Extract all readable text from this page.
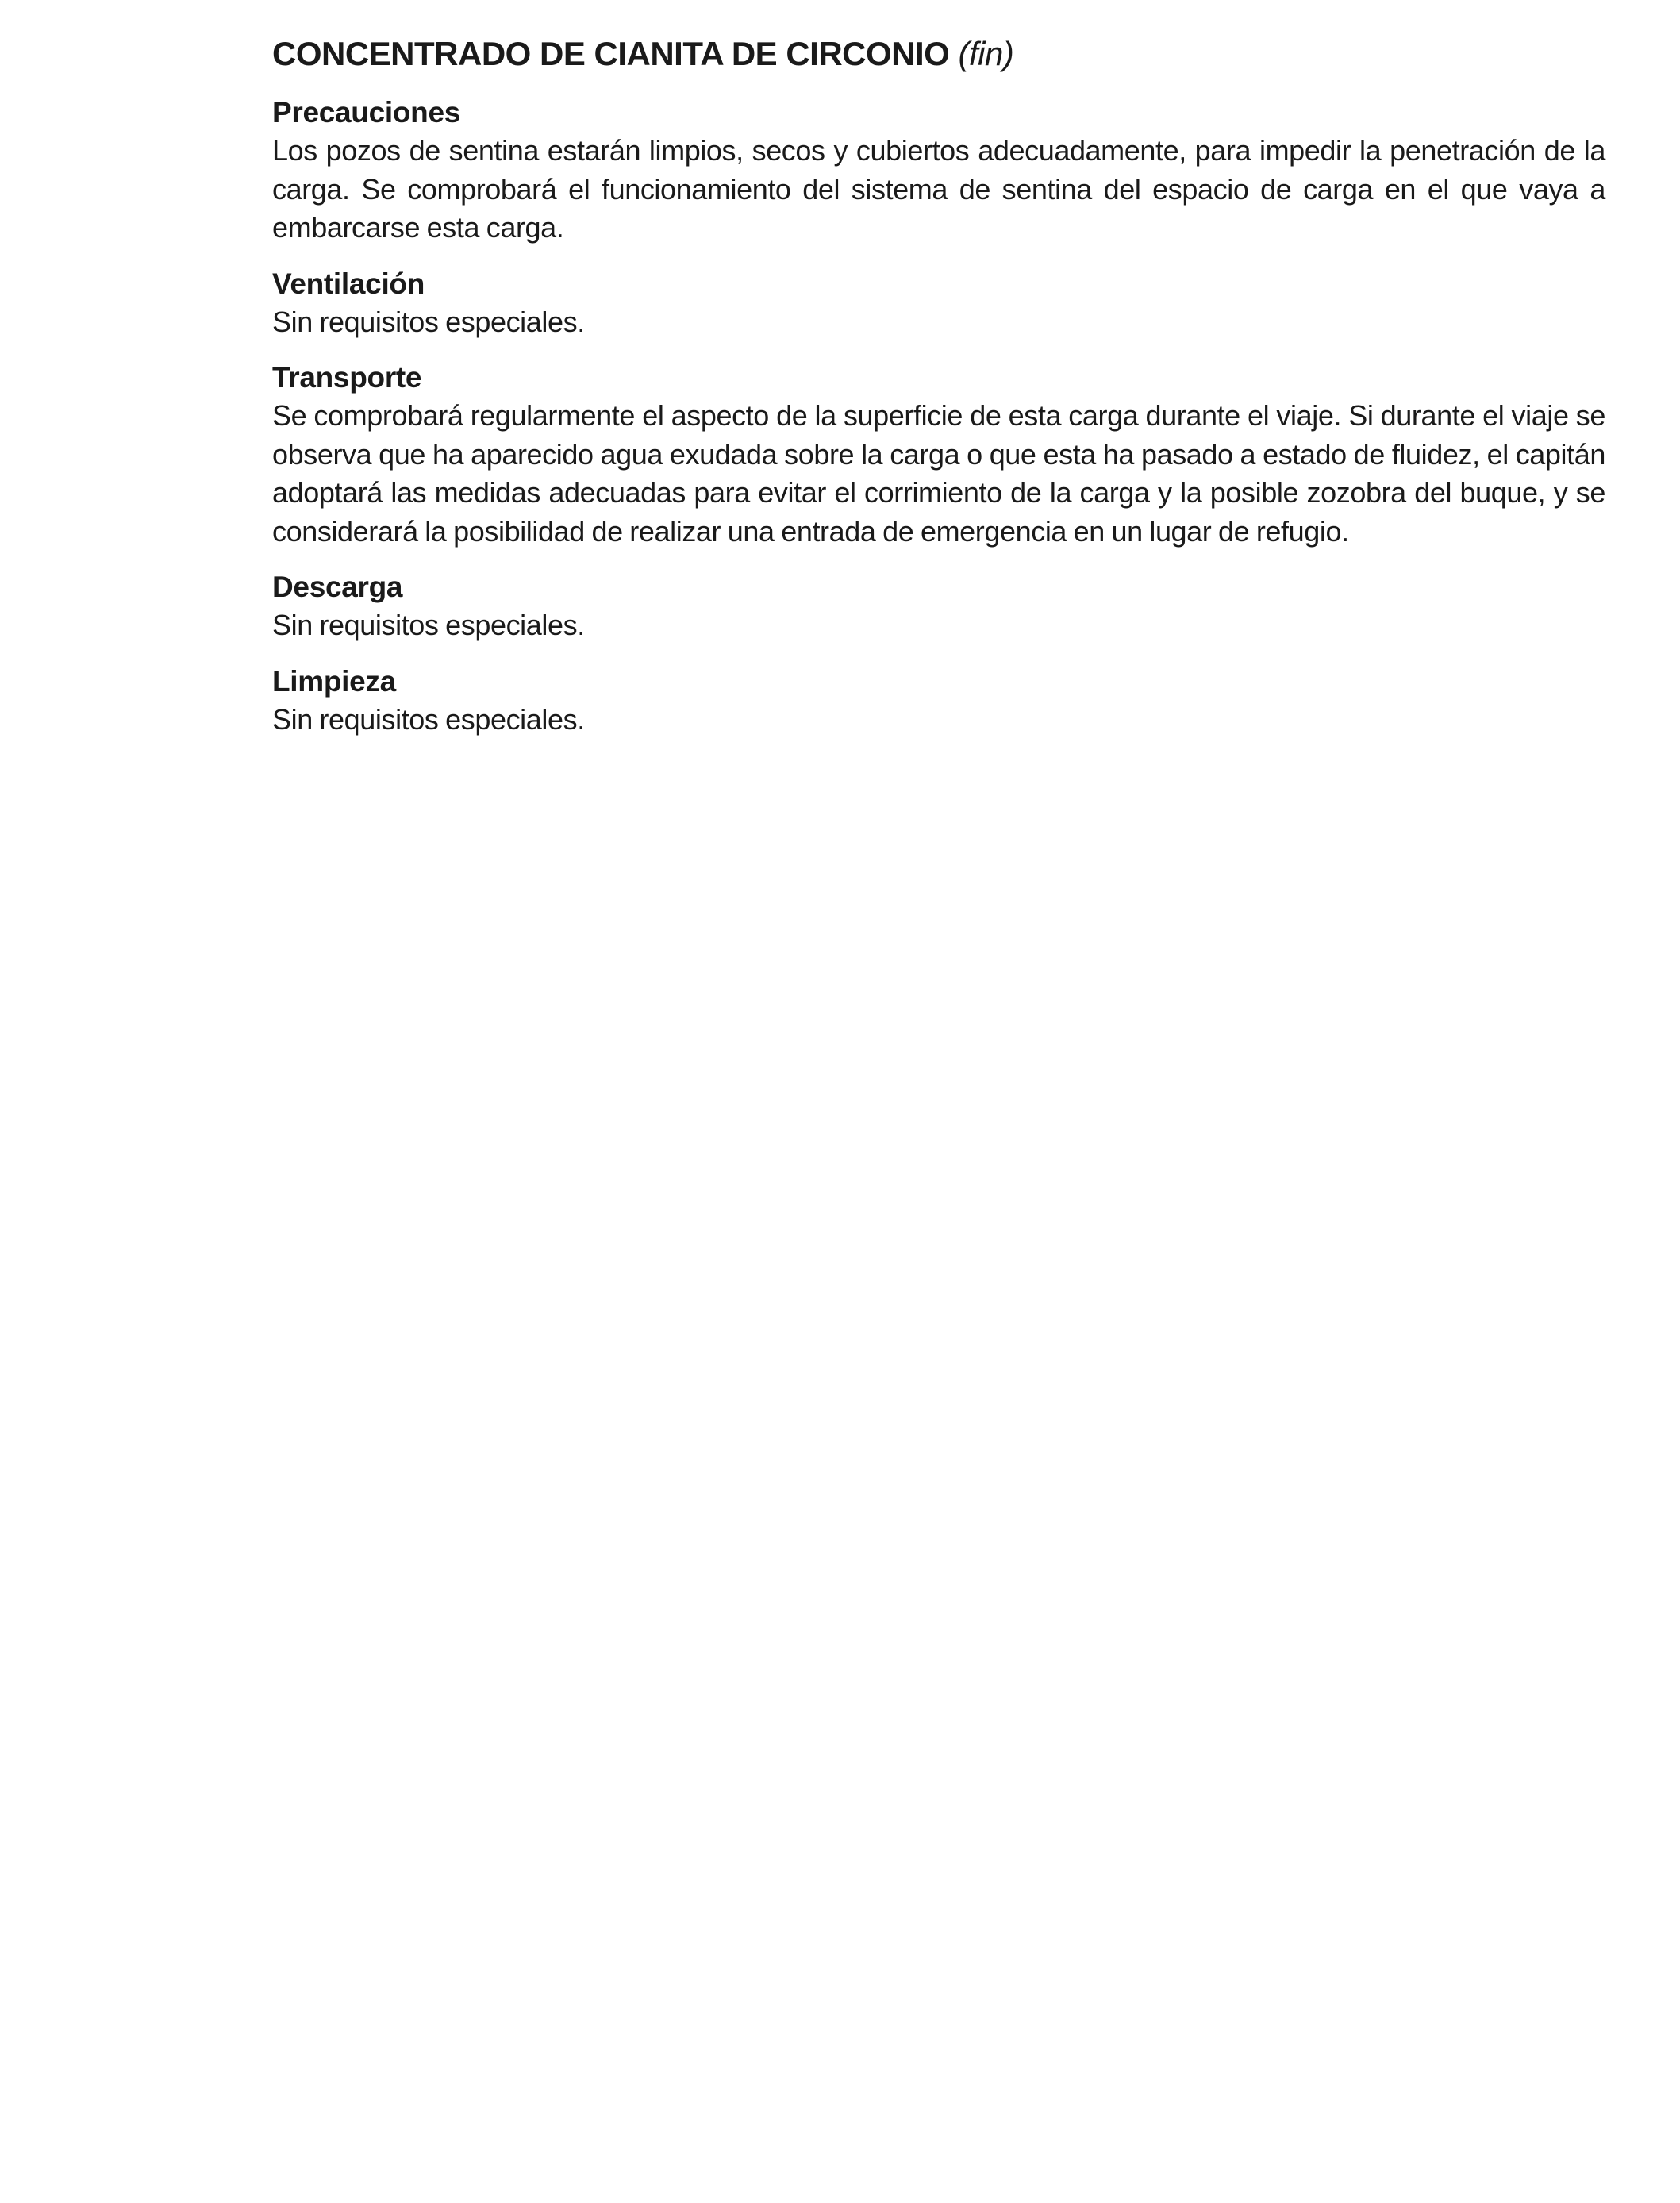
CONCENTRADO DE CIANITA DE CIRCONIO (fin)
Precauciones

Los pozos de sentina estarán limpios, secos y cubiertos adecuadamente, para impedir la penetración de la carga. Se comprobará el funcionamiento del sistema de sentina del espacio de carga en el que vaya a embarcarse esta carga.

Ventilación

Sin requisitos especiales.

Transporte

Se comprobará regularmente el aspecto de la superficie de esta carga durante el viaje. Si durante el viaje se observa que ha aparecido agua exudada sobre la carga o que esta ha pasado a estado de fluidez, el capitán adoptará las medidas adecuadas para evitar el corrimiento de la carga y la posible zozobra del buque, y se considerará la posibilidad de realizar una entrada de emergencia en un lugar de refugio.

Descarga

Sin requisitos especiales.

Limpieza

Sin requisitos especiales.
